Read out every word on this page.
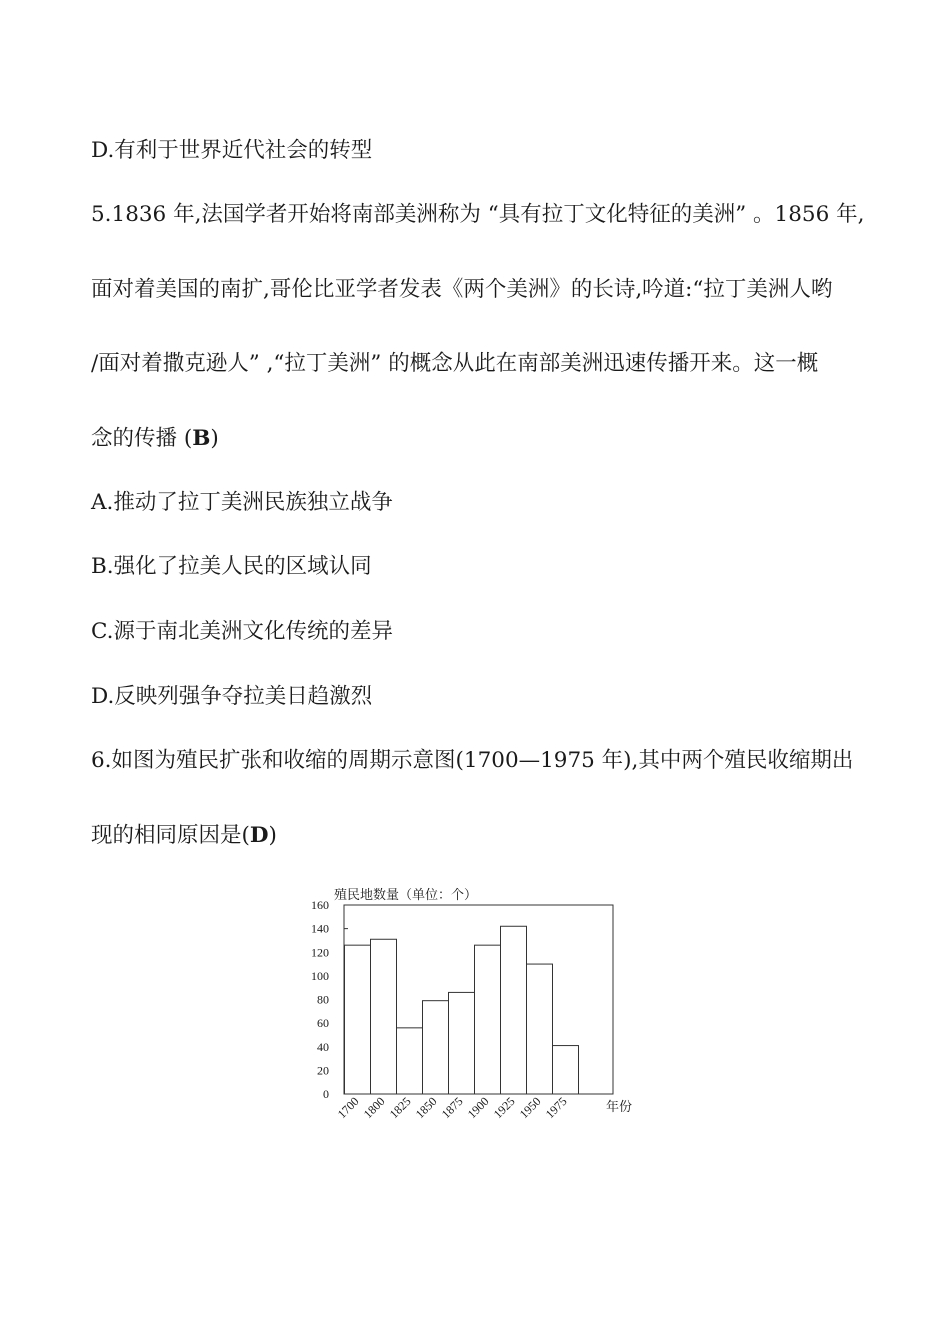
D.有利于世界近代社会的转型
5.1836 年,法国学者开始将南部美洲称为 “具有拉丁文化特征的美洲” 。1856 年,
面对着美国的南扩,哥伦比亚学者发表《两个美洲》的长诗,吟道:“拉丁美洲人哟
/面对着撒克逊人” ,“拉丁美洲” 的概念从此在南部美洲迅速传播开来。这一概
念的传播 (B)
A.推动了拉丁美洲民族独立战争
B.强化了拉美人民的区域认同
C.源于南北美洲文化传统的差异
D.反映列强争夺拉美日趋激烈
6.如图为殖民扩张和收缩的周期示意图(1700—1975 年),其中两个殖民收缩期出
现的相同原因是(D)
殖民地数量（单位：个）
年份
0
20
40
60
80
100
120
140
160
1700 1800 1825 1850 1875 1900 1925 1950 1975
